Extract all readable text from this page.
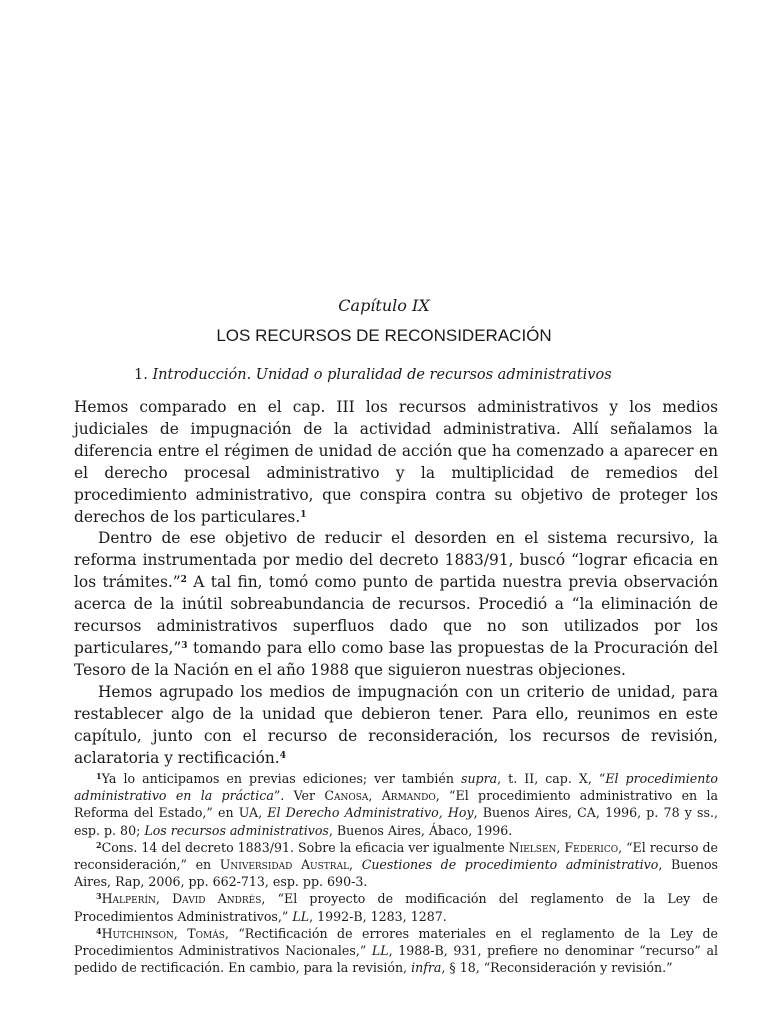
Capítulo IX
LOS RECURSOS DE RECONSIDERACIÓN
1. Introducción. Unidad o pluralidad de recursos administrativos

Hemos comparado en el cap. III los recursos administrativos y los medios judiciales de impugnación de la actividad administrativa. Allí señalamos la diferencia entre el régimen de unidad de acción que ha comenzado a aparecer en el derecho procesal administrativo y la multiplicidad de remedios del procedimiento administrativo, que conspira contra su objetivo de proteger los derechos de los particulares.$^1$

Dentro de ese objetivo de reducir el desorden en el sistema recursivo, la reforma instrumentada por medio del decreto 1883/91, buscó “lograr eficacia en los trámites.”$^2$ A tal fin, tomó como punto de partida nuestra previa observación acerca de la inútil sobreabundancia de recursos. Procedió a “la eliminación de recursos administrativos superfluos dado que no son utilizados por los particulares,”$^3$ tomando para ello como base las propuestas de la Procuración del Tesoro de la Nación en el año 1988 que siguieron nuestras objeciones.

Hemos agrupado los medios de impugnación con un criterio de unidad, para restablecer algo de la unidad que debieron tener. Para ello, reunimos en este capítulo, junto con el recurso de reconsideración, los recursos de revisión, aclaratoria y rectificación.$^4$

$^1$Ya lo anticipamos en previas ediciones; ver también supra, t. II, cap. X, “El procedimiento administrativo en la práctica”. Ver Canosa, Armando, “El procedimiento administrativo en la Reforma del Estado,” en UA, El Derecho Administrativo, Hoy, Buenos Aires, CA, 1996, p. 78 y ss., esp. p. 80; Los recursos administrativos, Buenos Aires, Ábaco, 1996.

$^2$Cons. 14 del decreto 1883/91. Sobre la eficacia ver igualmente Nielsen, Federico, “El recurso de reconsideración,” en Universidad Austral, Cuestiones de procedimiento administrativo, Buenos Aires, Rap, 2006, pp. 662-713, esp. pp. 690-3.

$^3$Halperín, David Andrés, “El proyecto de modificación del reglamento de la Ley de Procedimientos Administrativos,” LL, 1992-B, 1283, 1287.

$^4$Hutchinson, Tomás, “Rectificación de errores materiales en el reglamento de la Ley de Procedimientos Administrativos Nacionales,” LL, 1988-B, 931, prefiere no denominar “recurso” al pedido de rectificación. En cambio, para la revisión, infra, § 18, “Reconsideración y revisión.”
